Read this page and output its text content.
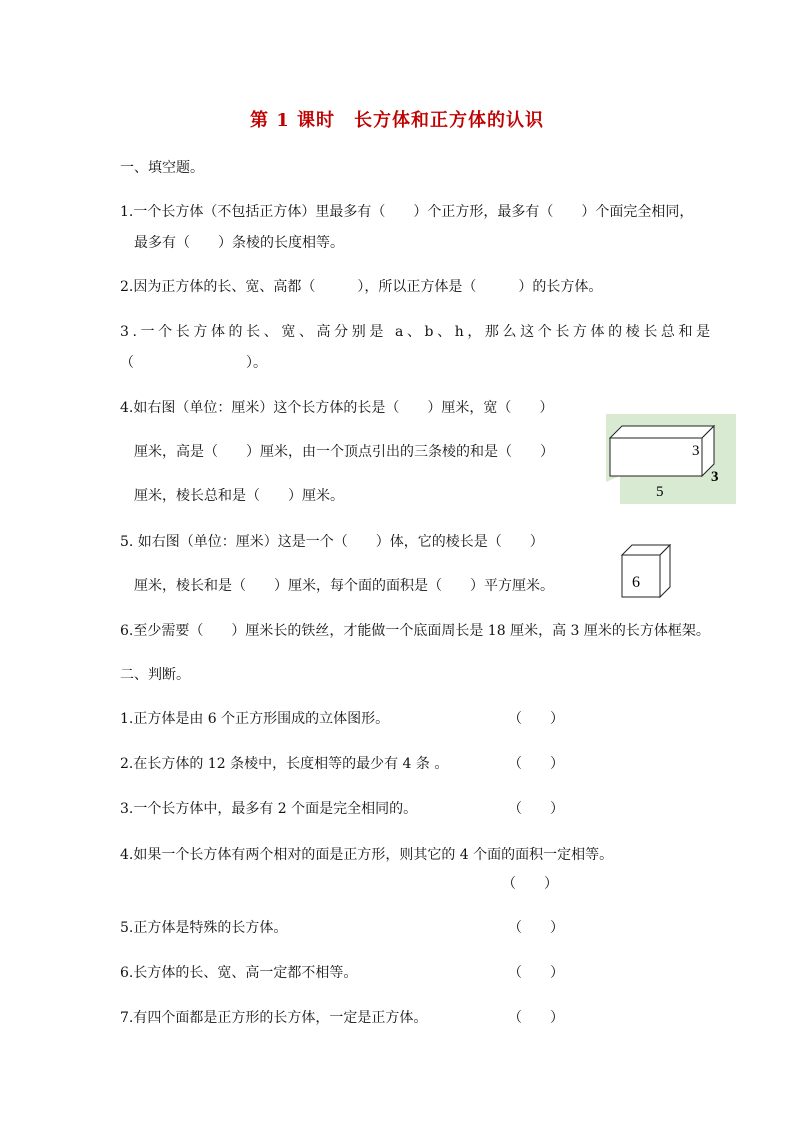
第 1 课时　长方体和正方体的认识
一、填空题。
1.一个长方体（不包括正方体）里最多有（　　）个正方形，最多有（　　）个面完全相同，
最多有（　　）条棱的长度相等。
2.因为正方体的长、宽、高都（　　　），所以正方体是（　　　）的长方体。
3.一个长方体的长、宽、高分别是 a、b、h，那么这个长方体的棱长总和是
（　　　　　　　　）。
4.如右图（单位：厘米）这个长方体的长是（　　）厘米，宽（　　）
厘米，高是（　　）厘米，由一个顶点引出的三条棱的和是（　　）
厘米，棱长总和是（　　）厘米。
3
3
5
5. 如右图（单位：厘米）这是一个（　　）体，它的棱长是（　　）
厘米，棱长和是（　　）厘米，每个面的面积是（　　）平方厘米。	6
6.至少需要（　　）厘米长的铁丝，才能做一个底面周长是 18 厘米，高 3 厘米的长方体框架。
二、判断。
1.正方体是由 6 个正方形围成的立体图形。	（　　）
2.在长方体的 12 条棱中，长度相等的最少有 4 条 。	（　　）
3.一个长方体中，最多有 2 个面是完全相同的。	（　　）
4.如果一个长方体有两个相对的面是正方形，则其它的 4 个面的面积一定相等。
（　　）
5.正方体是特殊的长方体。	（　　）
6.长方体的长、宽、高一定都不相等。	（　　）
7.有四个面都是正方形的长方体，一定是正方体。	（　　）
